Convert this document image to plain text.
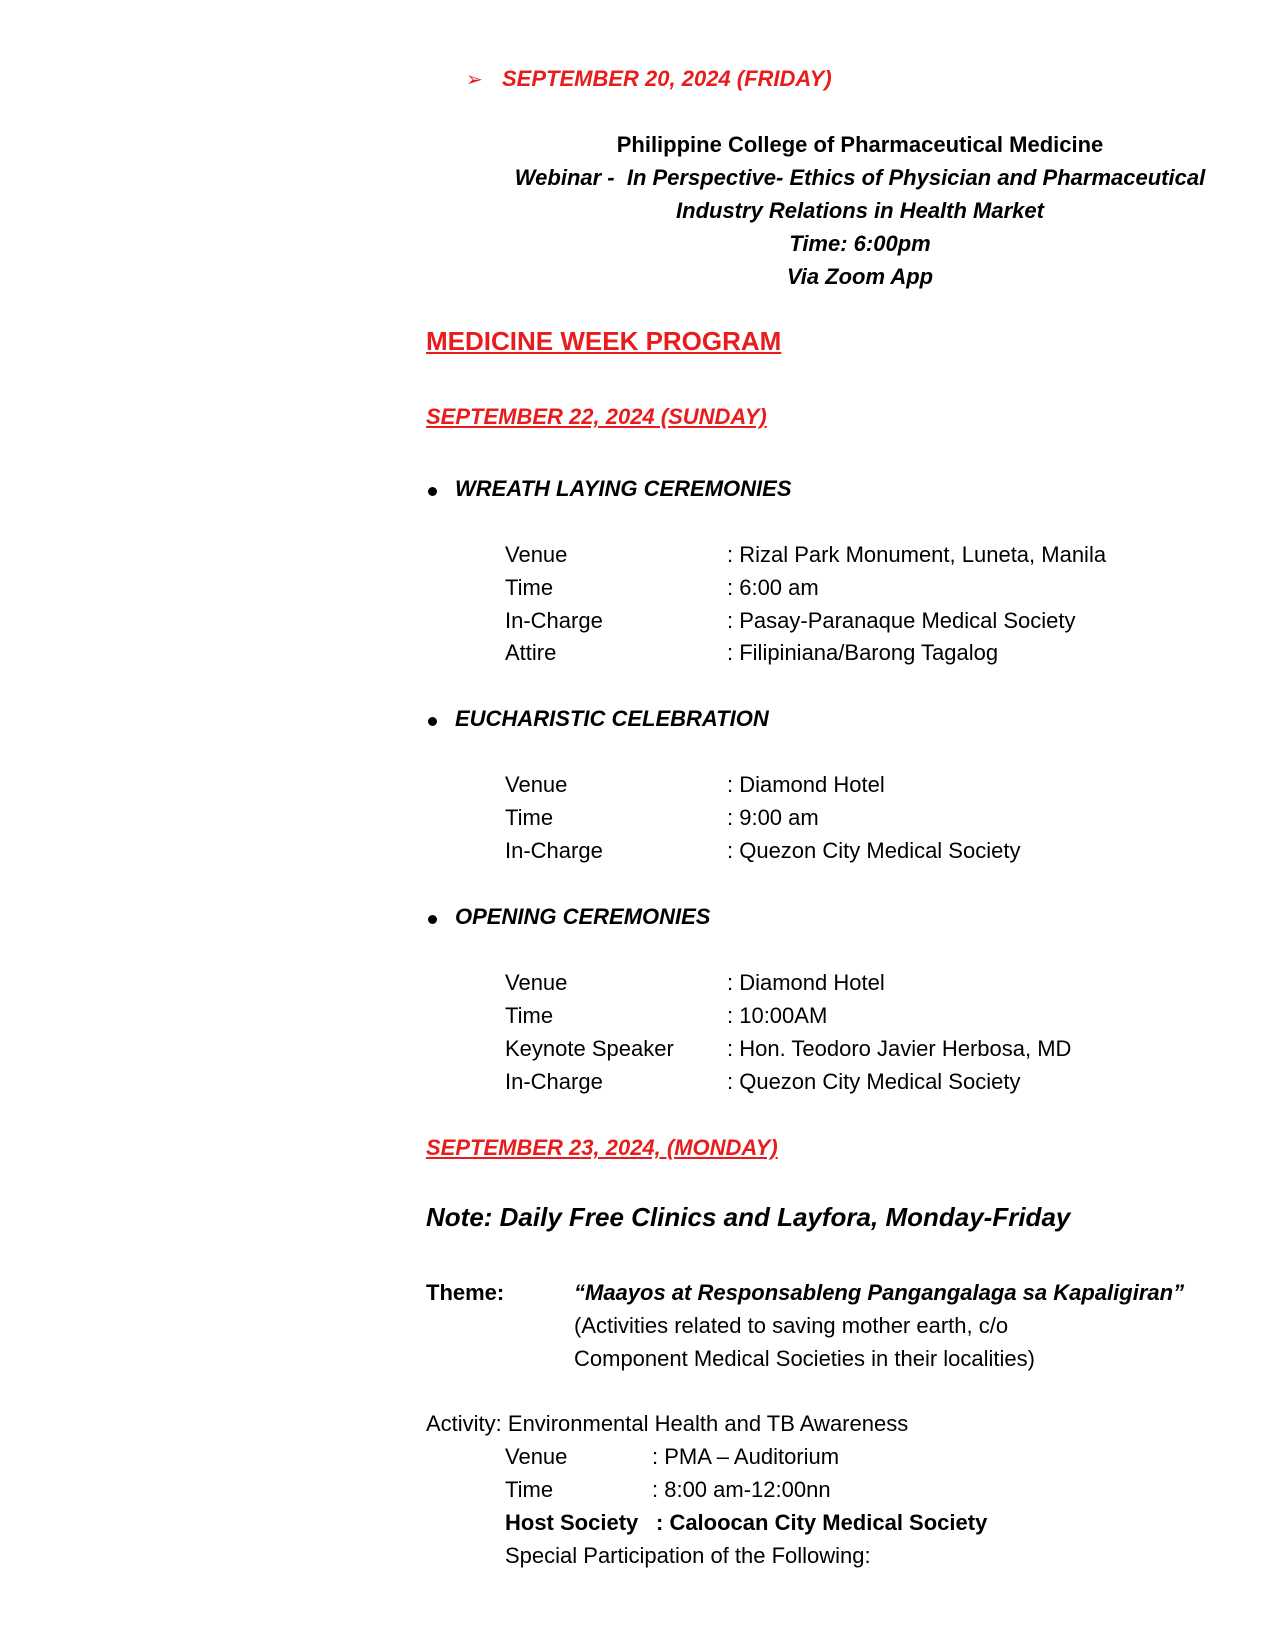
➢ SEPTEMBER 20, 2024 (FRIDAY)
Philippine College of Pharmaceutical Medicine
Webinar -  In Perspective- Ethics of Physician and Pharmaceutical
Industry Relations in Health Market
Time: 6:00pm
Via Zoom App
MEDICINE WEEK PROGRAM
SEPTEMBER 22, 2024 (SUNDAY)
WREATH LAYING CEREMONIES
Venue	: Rizal Park Monument, Luneta, Manila
Time	: 6:00 am
In-Charge	: Pasay-Paranaque Medical Society
Attire	: Filipiniana/Barong Tagalog
EUCHARISTIC CELEBRATION
Venue	: Diamond Hotel
Time	: 9:00 am
In-Charge	: Quezon City Medical Society
OPENING CEREMONIES
Venue	: Diamond Hotel
Time	: 10:00AM
Keynote Speaker : Hon. Teodoro Javier Herbosa, MD
In-Charge	: Quezon City Medical Society
SEPTEMBER 23, 2024, (MONDAY)
Note: Daily Free Clinics and Layfora, Monday-Friday
Theme:	“Maayos at Responsableng Pangangalaga sa Kapaligiran”
(Activities related to saving mother earth, c/o
Component Medical Societies in their localities)
Activity: Environmental Health and TB Awareness
Venue	: PMA – Auditorium
Time	: 8:00 am-12:00nn
Host Society : Caloocan City Medical Society
Special Participation of the Following:
